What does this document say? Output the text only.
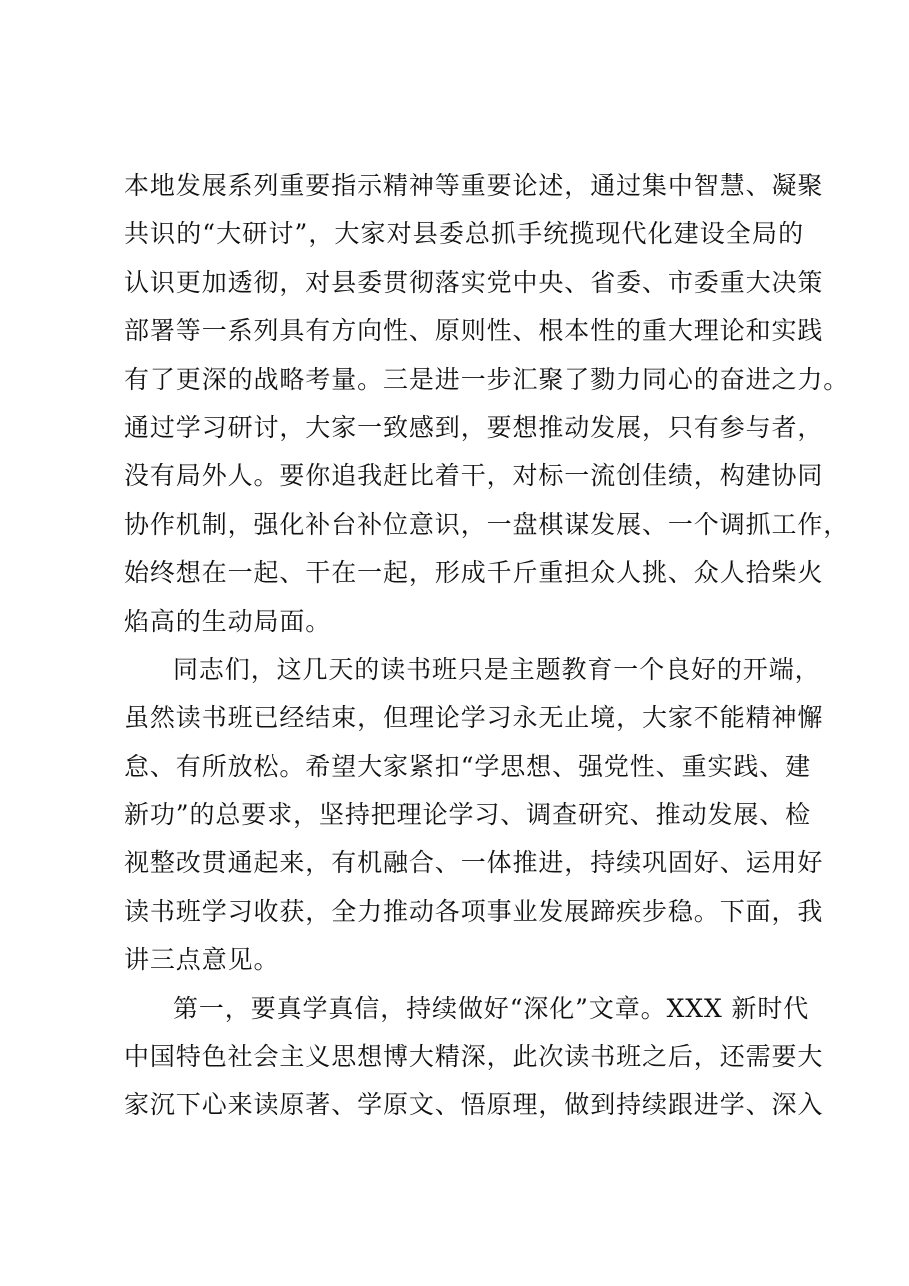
本地发展系列重要指示精神等重要论述，通过集中智慧、凝聚
共识的“大研讨”，大家对县委总抓手统揽现代化建设全局的
认识更加透彻，对县委贯彻落实党中央、省委、市委重大决策
部署等一系列具有方向性、原则性、根本性的重大理论和实践
有了更深的战略考量。三是进一步汇聚了勠力同心的奋进之力。
通过学习研讨，大家一致感到，要想推动发展，只有参与者，
没有局外人。要你追我赶比着干，对标一流创佳绩，构建协同
协作机制，强化补台补位意识，一盘棋谋发展、一个调抓工作，
始终想在一起、干在一起，形成千斤重担众人挑、众人拾柴火
焰高的生动局面。
同志们，这几天的读书班只是主题教育一个良好的开端，
虽然读书班已经结束，但理论学习永无止境，大家不能精神懈
怠、有所放松。希望大家紧扣“学思想、强党性、重实践、建
新功”的总要求，坚持把理论学习、调查研究、推动发展、检
视整改贯通起来，有机融合、一体推进，持续巩固好、运用好
读书班学习收获，全力推动各项事业发展蹄疾步稳。下面，我
讲三点意见。
第一，要真学真信，持续做好“深化”文章。XXX 新时代
中国特色社会主义思想博大精深，此次读书班之后，还需要大
家沉下心来读原著、学原文、悟原理，做到持续跟进学、深入
